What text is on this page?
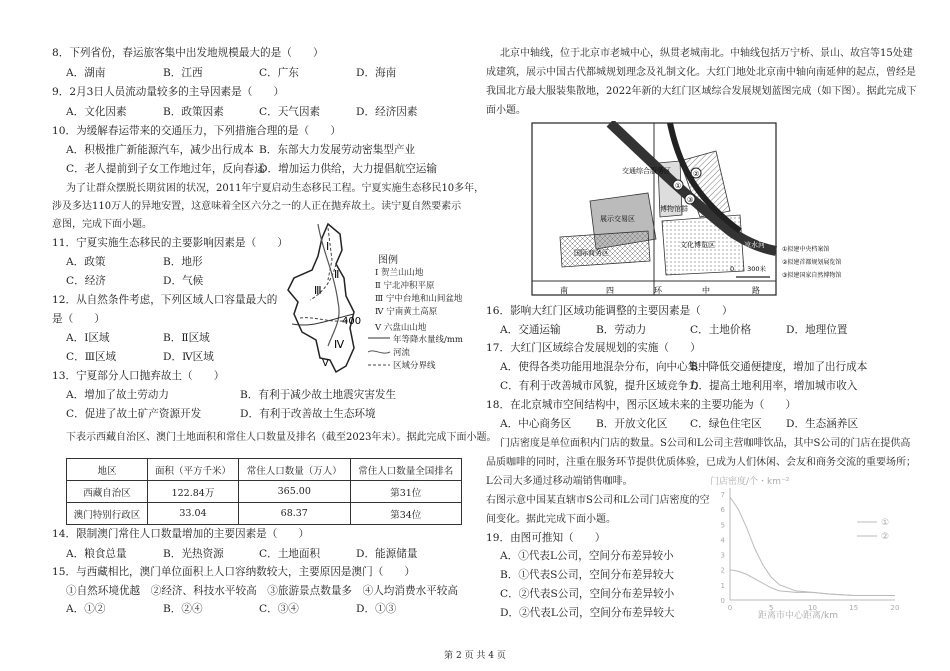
8．下列省份，春运旅客集中出发地规模最大的是（　　）
A．湖南	B．江西	C．广东	D．海南
9．2月3日人员流动量较多的主导因素是（　　）
A．文化因素	B．政策因素	C．天气因素	D．经济因素
10．为缓解春运带来的交通压力，下列措施合理的是（　　）
A．积极推广新能源汽车，减少出行成本 B．东部大力发展劳动密集型产业
C．老人提前到子女工作地过年，反向春运
D．增加运力供给，大力提倡航空运输
为了让群众摆脱长期贫困的状况，2011年宁夏启动生态移民工程。宁夏实施生态移民10多年，
涉及多达110万人的异地安置，这意味着全区六分之一的人正在抛弃故土。读宁夏自然要素示
意图，完成下面小题。
11．宁夏实施生态移民的主要影响因素是（　　）
A．政策	B．地形
C．经济	D．气候
12．从自然条件考虑，下列区域人口容量最大的
是（　　）
A．Ⅰ区域	B．Ⅱ区域
C．Ⅲ区域	D．Ⅳ区域
13．宁夏部分人口抛弃故土（　　）
A．增加了故土劳动力	B．有利于减少故土地震灾害发生
C．促进了故土矿产资源开发	D．有利于改善故土生态环境
Ⅰ
Ⅱ
Ⅲ
Ⅳ
Ⅴ
400
图例
Ⅰ 贺兰山山地
Ⅱ 宁北冲积平原
Ⅲ 宁中台地和山间盆地
Ⅳ 宁南黄土高原
Ⅴ 六盘山山地
年等降水量线/mm
河流
区域分界线
下表示西藏自治区、澳门土地面积和常住人口数量及排名（截至2023年末）。据此完成下面小题。
地区	面积（平方千米）	常住人口数量（万人）	常住人口数量全国排名
西藏自治区	122.84万	365.00	第31位
澳门特别行政区	33.04	68.37	第34位
14．限制澳门常住人口数量增加的主要因素是（　　）
A．粮食总量	B．光热资源	C．土地面积	D．能源储量
15．与西藏相比，澳门单位面积上人口容纳数较大，主要原因是澳门（　　）
①自然环境优越　②经济、科技水平较高　③旅游景点数量多　④人均消费水平较高
A．①②	B．②④	C．③④	D．①③
北京中轴线，位于北京市老城中心，纵贯老城南北。中轴线包括万宁桥、景山、故宫等15处建
成建筑，展示中国古代都城规划理念及礼制文化。大红门地处北京南中轴向南延伸的起点，曾经是
我国北方最大服装集散地，2022年新的大红门区域综合发展规划蓝图完成（如下图）。据此完成下
面小题。
①
②
③
交通综合服务区
博物馆群
展示交易区
国际商务区
文化博览区	凉水河
南	四	环	中	路
0　　300米
①拟建中央档案馆
②拟建首都规划展览馆
③拟建国家自然博物馆
16．影响大红门区域功能调整的主要因素是（　　）
A．交通运输	B．劳动力	C．土地价格	D．地理位置
17．大红门区域综合发展规划的实施（　　）
A．使得各类功能用地混杂分布，向中心集中
B．降低交通便捷度，增加了出行成本
C．有利于改善城市风貌，提升区域竞争力
D．提高土地利用率，增加城市收入
18．在北京城市空间结构中，图示区域未来的主要功能为（　　）
A．中心商务区 B．开放文化区 C．绿色住宅区 D．生态涵养区
门店密度是单位面积内门店的数量。S公司和L公司主营咖啡饮品，其中S公司的门店在提供高
品质咖啡的同时，注重在服务环节提供优质体验，已成为人们休闲、会友和商务交流的重要场所；
L公司大多通过移动端销售咖啡。
右图示意中国某直辖市S公司和L公司门店密度的空
间变化。据此完成下面小题。
19．由图可推知（　　）
A．①代表L公司，空间分布差异较小
B．①代表S公司，空间分布差异较大
C．②代表S公司，空间分布差异较小
D．②代表L公司，空间分布差异较大
门店密度/个・km⁻²
距离市中心距离/km
0
1
2
3
4
5
6
7
0	5	10	15	20
①
②
第 2 页 共 4 页
